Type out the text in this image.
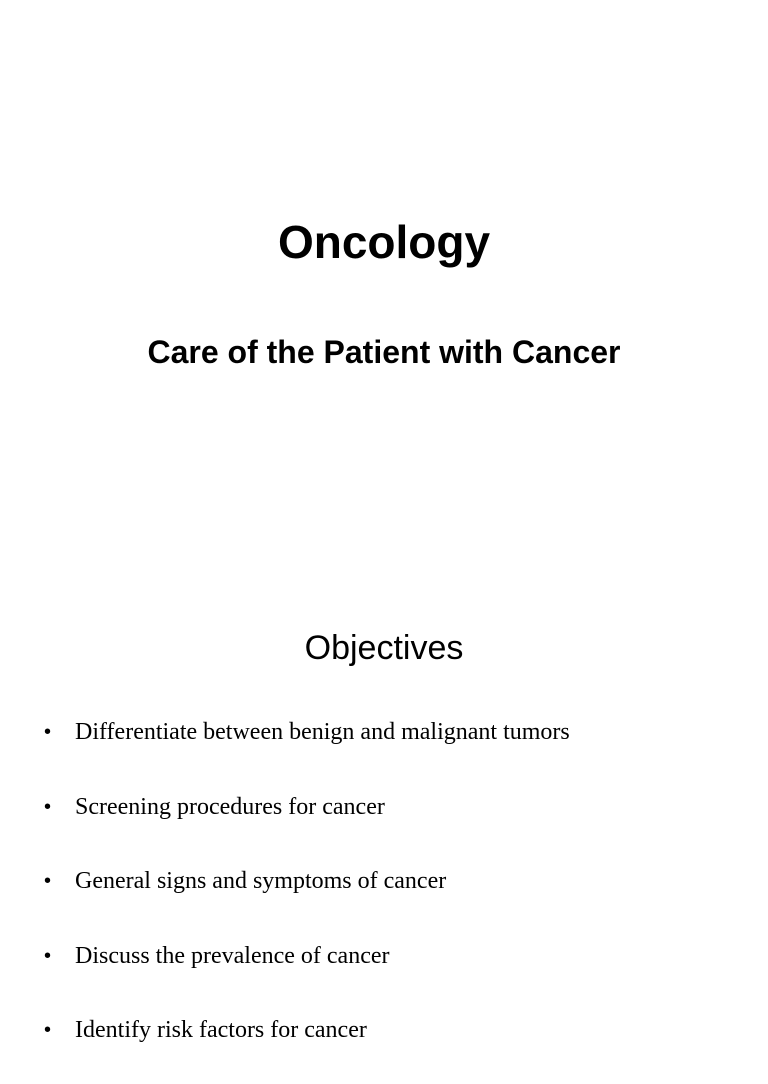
Oncology
Care of the Patient with Cancer
Objectives
• Differentiate between benign and malignant tumors
• Screening procedures for cancer
• General signs and symptoms of cancer
• Discuss the prevalence of cancer
• Identify risk factors for cancer
